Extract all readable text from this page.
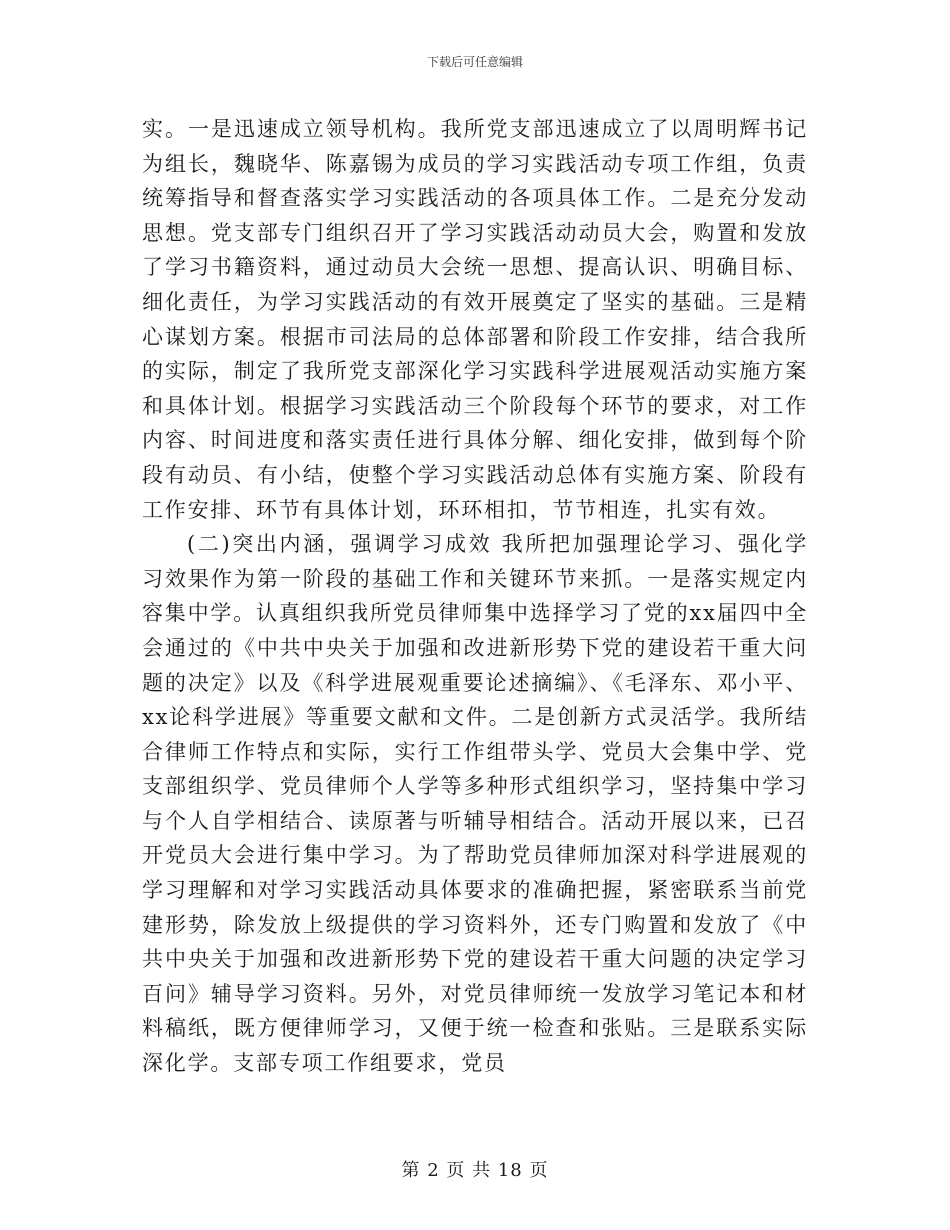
下载后可任意编辑

实。一是迅速成立领导机构。我所党支部迅速成立了以周明辉书记为组长，魏晓华、陈嘉锡为成员的学习实践活动专项工作组，负责统筹指导和督查落实学习实践活动的各项具体工作。二是充分发动思想。党支部专门组织召开了学习实践活动动员大会，购置和发放了学习书籍资料，通过动员大会统一思想、提高认识、明确目标、细化责任，为学习实践活动的有效开展奠定了坚实的基础。三是精心谋划方案。根据市司法局的总体部署和阶段工作安排，结合我所的实际，制定了我所党支部深化学习实践科学进展观活动实施方案和具体计划。根据学习实践活动三个阶段每个环节的要求，对工作内容、时间进度和落实责任进行具体分解、细化安排，做到每个阶段有动员、有小结，使整个学习实践活动总体有实施方案、阶段有工作安排、环节有具体计划，环环相扣，节节相连，扎实有效。

(二)突出内涵，强调学习成效 我所把加强理论学习、强化学习效果作为第一阶段的基础工作和关键环节来抓。一是落实规定内容集中学。认真组织我所党员律师集中选择学习了党的xx届四中全会通过的《中共中央关于加强和改进新形势下党的建设若干重大问题的决定》以及《科学进展观重要论述摘编》、《毛泽东、邓小平、xx论科学进展》等重要文献和文件。二是创新方式灵活学。我所结合律师工作特点和实际，实行工作组带头学、党员大会集中学、党支部组织学、党员律师个人学等多种形式组织学习，坚持集中学习与个人自学相结合、读原著与听辅导相结合。活动开展以来，已召开党员大会进行集中学习。为了帮助党员律师加深对科学进展观的学习理解和对学习实践活动具体要求的准确把握，紧密联系当前党建形势，除发放上级提供的学习资料外，还专门购置和发放了《中共中央关于加强和改进新形势下党的建设若干重大问题的决定学习百问》辅导学习资料。另外，对党员律师统一发放学习笔记本和材料稿纸，既方便律师学习，又便于统一检查和张贴。三是联系实际深化学。支部专项工作组要求，党员

第 2 页 共 18 页
